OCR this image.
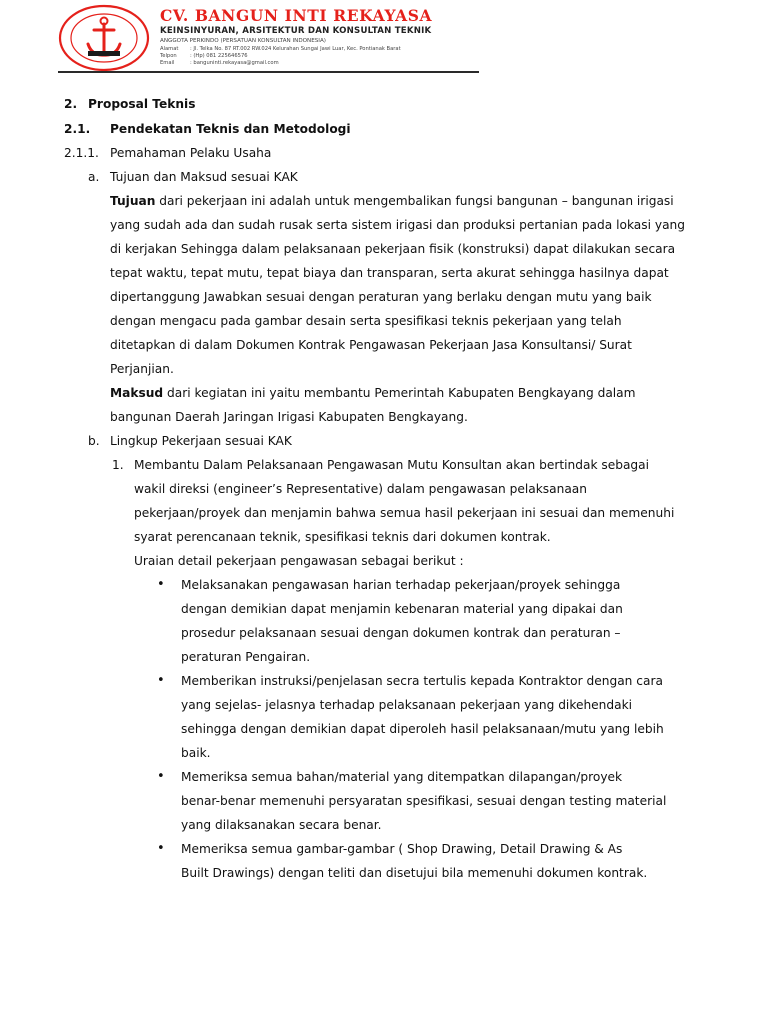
CV. BANGUN INTI REKAYASA
KEINSINYURAN, ARSITEKTUR DAN KONSULTAN TEKNIK
ANGGOTA PERKINDO (PERSATUAN KONSULTAN INDONESIA)
Alamat : Jl. Telka No. 87 RT.002 RW.024 Kelurahan Sungai Jawi Luar, Kec. Pontianak Barat
Telpon	: (Hp) 081 225646576
Email	: banguninti.rekayasa@gmail.com
2. Proposal Teknis
2.1. Pendekatan Teknis dan Metodologi
2.1.1. Pemahaman Pelaku Usaha
a. Tujuan dan Maksud sesuai KAK
Tujuan dari pekerjaan ini adalah untuk mengembalikan fungsi bangunan – bangunan irigasi
yang sudah ada dan sudah rusak serta sistem irigasi dan produksi pertanian pada lokasi yang
di kerjakan Sehingga dalam pelaksanaan pekerjaan fisik (konstruksi) dapat dilakukan secara
tepat waktu, tepat mutu, tepat biaya dan transparan, serta akurat sehingga hasilnya dapat
dipertanggung Jawabkan sesuai dengan peraturan yang berlaku dengan mutu yang baik
dengan mengacu pada gambar desain serta spesifikasi teknis pekerjaan yang telah
ditetapkan di dalam Dokumen Kontrak Pengawasan Pekerjaan Jasa Konsultansi/ Surat
Perjanjian.
Maksud dari kegiatan ini yaitu membantu Pemerintah Kabupaten Bengkayang dalam
bangunan Daerah Jaringan Irigasi Kabupaten Bengkayang.
b. Lingkup Pekerjaan sesuai KAK
1. Membantu Dalam Pelaksanaan Pengawasan Mutu Konsultan akan bertindak sebagai
wakil direksi (engineer’s Representative) dalam pengawasan pelaksanaan
pekerjaan/proyek dan menjamin bahwa semua hasil pekerjaan ini sesuai dan memenuhi
syarat perencanaan teknik, spesifikasi teknis dari dokumen kontrak.
Uraian detail pekerjaan pengawasan sebagai berikut :
• Melaksanakan pengawasan harian terhadap pekerjaan/proyek sehingga
dengan demikian dapat menjamin kebenaran material yang dipakai dan
prosedur pelaksanaan sesuai dengan dokumen kontrak dan peraturan –
peraturan Pengairan.
• Memberikan instruksi/penjelasan secra tertulis kepada Kontraktor dengan cara
yang sejelas- jelasnya terhadap pelaksanaan pekerjaan yang dikehendaki
sehingga dengan demikian dapat diperoleh hasil pelaksanaan/mutu yang lebih
baik.
• Memeriksa semua bahan/material yang ditempatkan dilapangan/proyek
benar-benar memenuhi persyaratan spesifikasi, sesuai dengan testing material
yang dilaksanakan secara benar.
• Memeriksa semua gambar-gambar ( Shop Drawing, Detail Drawing & As
Built Drawings) dengan teliti dan disetujui bila memenuhi dokumen kontrak.
